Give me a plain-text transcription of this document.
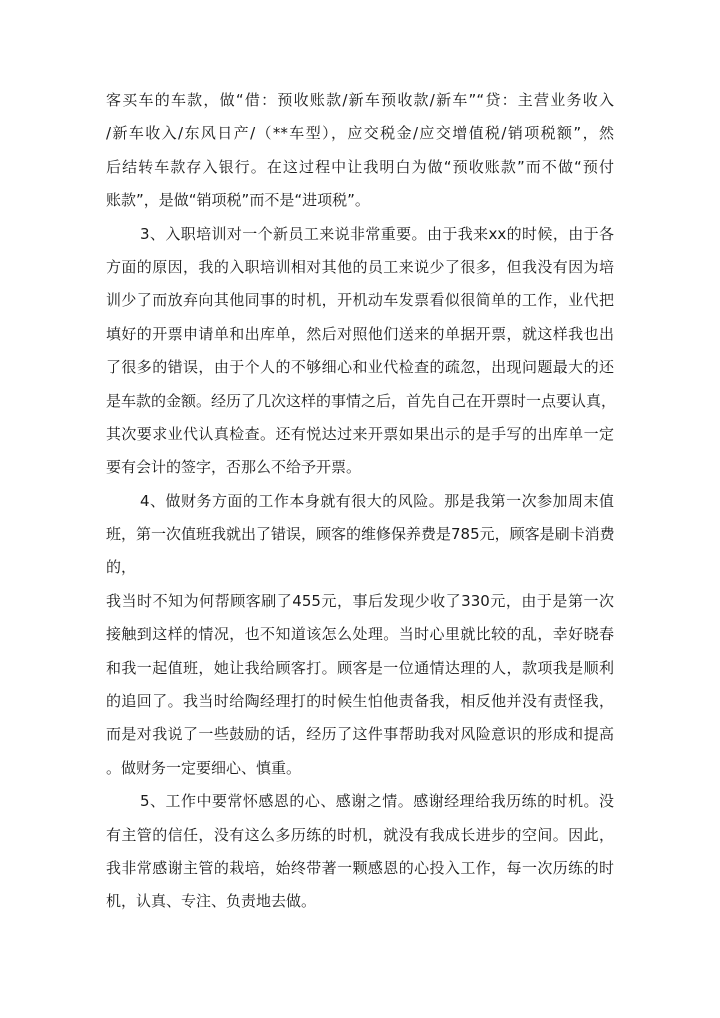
客买车的车款，做“借：预收账款/新车预收款/新车”“贷：主营业务收入
/新车收入/东风日产/（**车型），应交税金/应交增值税/销项税额”，然
后结转车款存入银行。在这过程中让我明白为做“预收账款”而不做“预付
账款”，是做“销项税”而不是“进项税”。
3、入职培训对一个新员工来说非常重要。由于我来xx的时候，由于各
方面的原因，我的入职培训相对其他的员工来说少了很多，但我没有因为培
训少了而放弃向其他同事的时机，开机动车发票看似很简单的工作，业代把
填好的开票申请单和出库单，然后对照他们送来的单据开票，就这样我也出
了很多的错误，由于个人的不够细心和业代检查的疏忽，出现问题最大的还
是车款的金额。经历了几次这样的事情之后，首先自己在开票时一点要认真，
其次要求业代认真检查。还有悦达过来开票如果出示的是手写的出库单一定
要有会计的签字，否那么不给予开票。
4、做财务方面的工作本身就有很大的风险。那是我第一次参加周末值
班，第一次值班我就出了错误，顾客的维修保养费是785元，顾客是刷卡消费
的，
我当时不知为何帮顾客刷了455元，事后发现少收了330元，由于是第一次
接触到这样的情况，也不知道该怎么处理。当时心里就比较的乱，幸好晓春
和我一起值班，她让我给顾客打。顾客是一位通情达理的人，款项我是顺利
的追回了。我当时给陶经理打的时候生怕他责备我，相反他并没有责怪我，
而是对我说了一些鼓励的话，经历了这件事帮助我对风险意识的形成和提高
。做财务一定要细心、慎重。
5、工作中要常怀感恩的心、感谢之情。感谢经理给我历练的时机。没
有主管的信任，没有这么多历练的时机，就没有我成长进步的空间。因此，
我非常感谢主管的栽培，始终带著一颗感恩的心投入工作，每一次历练的时
机，认真、专注、负责地去做。
